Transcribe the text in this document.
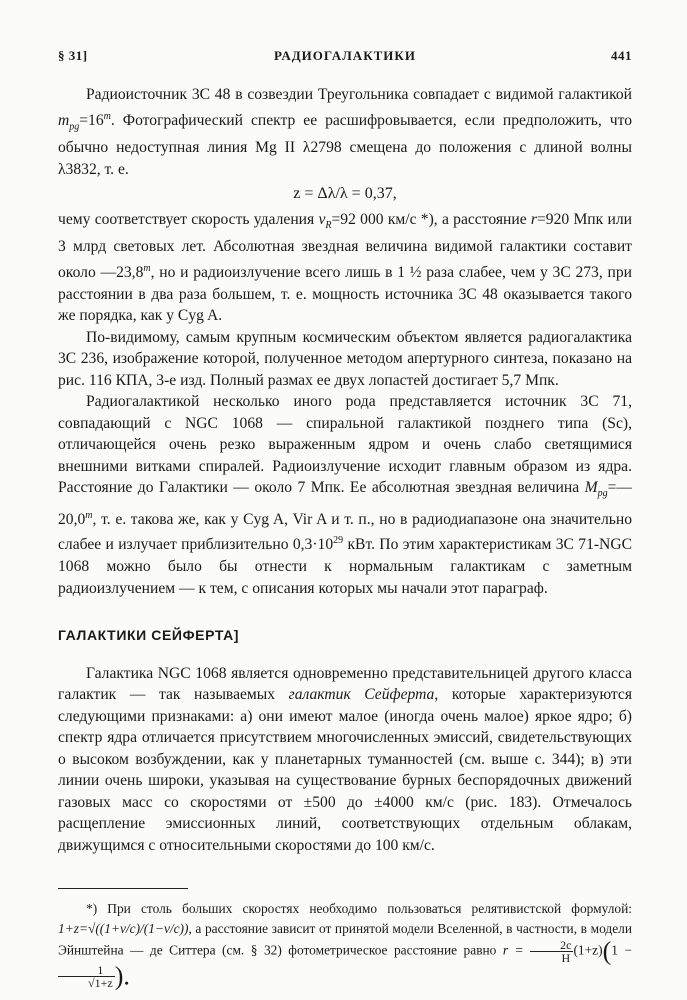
§ 31]	РАДИОГАЛАКТИКИ	441

Радиоисточник 3C 48 в созвездии Треугольника совпадает с видимой галактикой $m_{pg}=16^m$. Фотографический спектр ее расшифровывается, если предположить, что обычно недоступная линия Mg II λ2798 смещена до положения с длиной волны λ3832, т. е.

z = Δλ/λ = 0,37,

чему соответствует скорость удаления $v_R=92$ 000 км/с *), а расстояние r=920 Мпк или 3 млрд световых лет. Абсолютная звездная величина видимой галактики составит около —23,8$^m$, но и радиоизлучение всего лишь в 1 ½ раза слабее, чем у 3C 273, при расстоянии в два раза большем, т. е. мощность источника 3C 48 оказывается такого же порядка, как у Cyg A.

По-видимому, самым крупным космическим объектом является радиогалактика 3C 236, изображение которой, полученное методом апертурного синтеза, показано на рис. 116 КПА, 3-е изд. Полный размах ее двух лопастей достигает 5,7 Мпк.

Радиогалактикой несколько иного рода представляется источник 3C 71, совпадающий с NGC 1068 — спиральной галактикой позднего типа (Sc), отличающейся очень резко выраженным ядром и очень слабо светящимися внешними витками спиралей. Радиоизлучение исходит главным образом из ядра. Расстояние до Галактики — около 7 Мпк. Ее абсолютная звездная величина $M_{pg}=—20,0^m$, т. е. такова же, как у Cyg A, Vir A и т. п., но в радиодиапазоне она значительно слабее и излучает приблизительно $0,3\cdot 10^{29}$ кВт. По этим характеристикам 3C 71-NGC 1068 можно было бы отнести к нормальным галактикам с заметным радиоизлучением — к тем, с описания которых мы начали этот параграф.

ГАЛАКТИКИ СЕЙФЕРТА]

Галактика NGC 1068 является одновременно представительницей другого класса галактик — так называемых галактик Сейферта, которые характеризуются следующими признаками: а) они имеют малое (иногда очень малое) яркое ядро; б) спектр ядра отличается присутствием многочисленных эмиссий, свидетельствующих о высоком возбуждении, как у планетарных туманностей (см. выше с. 344); в) эти линии очень широки, указывая на существование бурных беспорядочных движений газовых масс со скоростями от ±500 до ±4000 км/с (рис. 183). Отмечалось расщепление эмиссионных линий, соответствующих отдельным облакам, движущимся с относительными скоростями до 100 км/с.

*) При столь больших скоростях необходимо пользоваться релятивистской формулой: 1+z=√((1+v/c)/(1−v/c)), а расстояние зависит от принятой модели Вселенной, в частности, в модели Эйнштейна — де Ситтера (см. § 32) фотометрическое расстояние равно $r = \frac{2c}{H} (1+z)(1$ −
$\frac{1}{√1+z}$ ).
